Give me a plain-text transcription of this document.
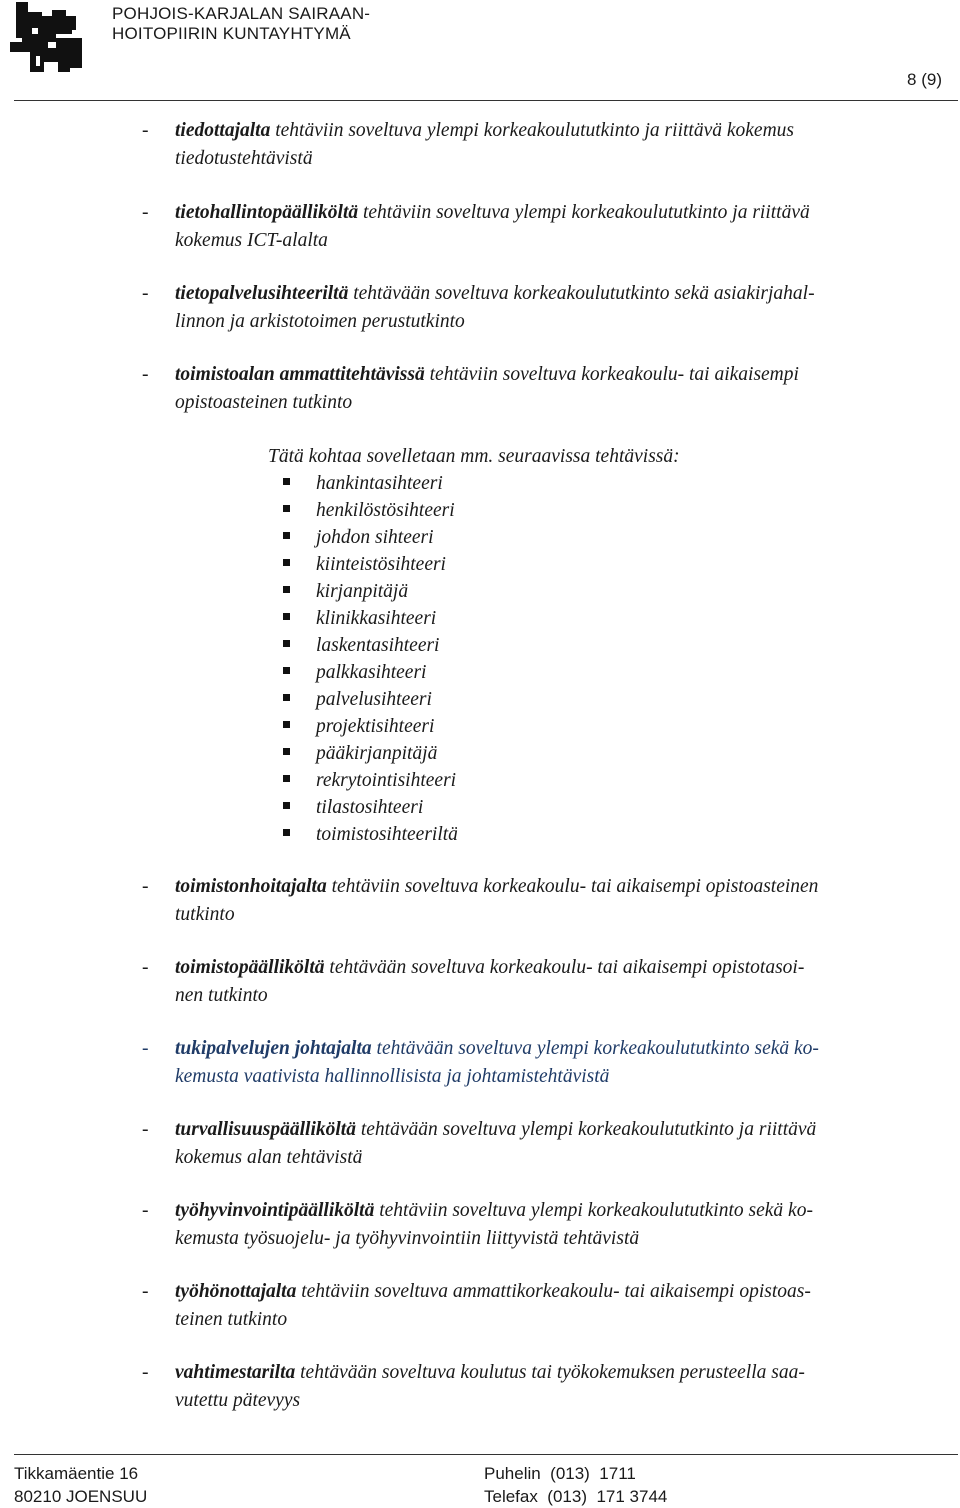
POHJOIS-KARJALAN SAIRAAN-
HOITOPIIRIN KUNTAYHTYMÄ
8 (9)
- tiedottajalta tehtäviin soveltuva ylempi korkeakoulututkinto ja riittävä kokemus
tiedotustehtävistä
- tietohallintopäälliköltä tehtäviin soveltuva ylempi korkeakoulututkinto ja riittävä
kokemus ICT-alalta
- tietopalvelusihteeriltä tehtävään soveltuva korkeakoulututkinto sekä asiakirjahal-
linnon ja arkistotoimen perustutkinto
- toimistoalan ammattitehtävissä tehtäviin soveltuva korkeakoulu- tai aikaisempi
opistoasteinen tutkinto
Tätä kohtaa sovelletaan mm. seuraavissa tehtävissä:
hankintasihteeri
henkilöstösihteeri
johdon sihteeri
kiinteistösihteeri
kirjanpitäjä
klinikkasihteeri
laskentasihteeri
palkkasihteeri
palvelusihteeri
projektisihteeri
pääkirjanpitäjä
rekrytointisihteeri
tilastosihteeri
toimistosihteeriltä
- toimistonhoitajalta tehtäviin soveltuva korkeakoulu- tai aikaisempi opistoasteinen
tutkinto
- toimistopäälliköltä tehtävään soveltuva korkeakoulu- tai aikaisempi opistotasoi-
nen tutkinto
- tukipalvelujen johtajalta tehtävään soveltuva ylempi korkeakoulututkinto sekä ko-
kemusta vaativista hallinnollisista ja johtamistehtävistä
- turvallisuuspäälliköltä tehtävään soveltuva ylempi korkeakoulututkinto ja riittävä
kokemus alan tehtävistä
- työhyvinvointipäälliköltä tehtäviin soveltuva ylempi korkeakoulututkinto sekä ko-
kemusta työsuojelu- ja työhyvinvointiin liittyvistä tehtävistä
- työhönottajalta tehtäviin soveltuva ammattikorkeakoulu- tai aikaisempi opistoas-
teinen tutkinto
- vahtimestarilta tehtävään soveltuva koulutus tai työkokemuksen perusteella saa-
vutettu pätevyys
Tikkamäentie 16
80210 JOENSUU
Puhelin  (013)  1711
Telefax  (013)  171 3744
